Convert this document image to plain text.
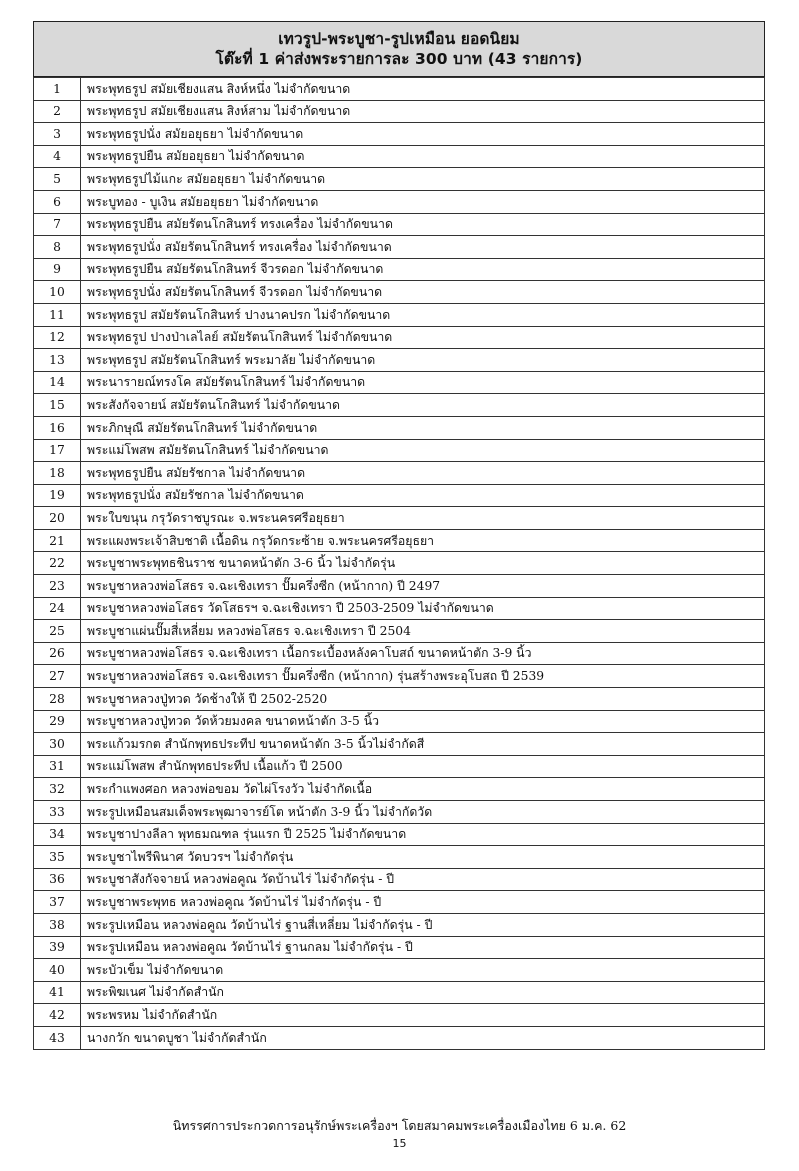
เทวรูป-พระบูชา-รูปเหมือน ยอดนิยม
โต๊ะที่ 1 ค่าส่งพระรายการละ 300 บาท (43 รายการ)
1	พระพุทธรูป สมัยเชียงแสน สิงห์หนึ่ง ไม่จำกัดขนาด
2	พระพุทธรูป สมัยเชียงแสน สิงห์สาม ไม่จำกัดขนาด
3	พระพุทธรูปนั่ง สมัยอยุธยา ไม่จำกัดขนาด
4	พระพุทธรูปยืน สมัยอยุธยา ไม่จำกัดขนาด
5	พระพุทธรูปไม้แกะ สมัยอยุธยา ไม่จำกัดขนาด
6	พระบูทอง - บูเงิน สมัยอยุธยา ไม่จำกัดขนาด
7	พระพุทธรูปยืน สมัยรัตนโกสินทร์ ทรงเครื่อง ไม่จำกัดขนาด
8	พระพุทธรูปนั่ง สมัยรัตนโกสินทร์ ทรงเครื่อง ไม่จำกัดขนาด
9	พระพุทธรูปยืน สมัยรัตนโกสินทร์ จีวรดอก ไม่จำกัดขนาด
10	พระพุทธรูปนั่ง สมัยรัตนโกสินทร์ จีวรดอก ไม่จำกัดขนาด
11	พระพุทธรูป สมัยรัตนโกสินทร์ ปางนาคปรก ไม่จำกัดขนาด
12	พระพุทธรูป ปางป่าเลไลย์ สมัยรัตนโกสินทร์ ไม่จำกัดขนาด
13	พระพุทธรูป สมัยรัตนโกสินทร์ พระมาลัย ไม่จำกัดขนาด
14	พระนารายณ์ทรงโค สมัยรัตนโกสินทร์ ไม่จำกัดขนาด
15	พระสังกัจจายน์ สมัยรัตนโกสินทร์ ไม่จำกัดขนาด
16	พระภิกษุณี สมัยรัตนโกสินทร์ ไม่จำกัดขนาด
17	พระแม่โพสพ สมัยรัตนโกสินทร์ ไม่จำกัดขนาด
18	พระพุทธรูปยืน สมัยรัชกาล ไม่จำกัดขนาด
19	พระพุทธรูปนั่ง สมัยรัชกาล ไม่จำกัดขนาด
20	พระใบขนุน กรุวัดราชบูรณะ จ.พระนครศรีอยุธยา
21	พระแผงพระเจ้าสิบชาติ เนื้อดิน กรุวัดกระซ้าย จ.พระนครศรีอยุธยา
22	พระบูชาพระพุทธชินราช ขนาดหน้าตัก 3-6 นิ้ว ไม่จำกัดรุ่น
23	พระบูชาหลวงพ่อโสธร จ.ฉะเชิงเทรา ปั๊มครึ่งซีก (หน้ากาก) ปี 2497
24	พระบูชาหลวงพ่อโสธร วัดโสธรฯ จ.ฉะเชิงเทรา ปี 2503-2509 ไม่จำกัดขนาด
25	พระบูชาแผ่นปั๊มสี่เหลี่ยม หลวงพ่อโสธร จ.ฉะเชิงเทรา ปี 2504
26	พระบูชาหลวงพ่อโสธร จ.ฉะเชิงเทรา เนื้อกระเบื้องหลังคาโบสถ์ ขนาดหน้าตัก 3-9 นิ้ว
27	พระบูชาหลวงพ่อโสธร จ.ฉะเชิงเทรา ปั๊มครึ่งซีก (หน้ากาก) รุ่นสร้างพระอุโบสถ ปี 2539
28	พระบูชาหลวงปู่ทวด วัดช้างให้ ปี 2502-2520
29	พระบูชาหลวงปู่ทวด วัดห้วยมงคล ขนาดหน้าตัก 3-5 นิ้ว
30	พระแก้วมรกต สำนักพุทธประทีป ขนาดหน้าตัก 3-5 นิ้วไม่จำกัดสี
31	พระแม่โพสพ สำนักพุทธประทีป เนื้อแก้ว ปี 2500
32	พระกำแพงศอก หลวงพ่อขอม วัดไผ่โรงวัว ไม่จำกัดเนื้อ
33	พระรูปเหมือนสมเด็จพระพุฒาจารย์โต หน้าตัก 3-9 นิ้ว ไม่จำกัดวัด
34	พระบูชาปางลีลา พุทธมณฑล รุ่นแรก ปี 2525 ไม่จำกัดขนาด
35	พระบูชาไพรีพินาศ วัดบวรฯ ไม่จำกัดรุ่น
36	พระบูชาสังกัจจายน์ หลวงพ่อคูณ วัดบ้านไร่ ไม่จำกัดรุ่น - ปี
37	พระบูชาพระพุทธ หลวงพ่อคูณ วัดบ้านไร่ ไม่จำกัดรุ่น - ปี
38	พระรูปเหมือน หลวงพ่อคูณ วัดบ้านไร่ ฐานสี่เหลี่ยม ไม่จำกัดรุ่น - ปี
39	พระรูปเหมือน หลวงพ่อคูณ วัดบ้านไร่ ฐานกลม ไม่จำกัดรุ่น - ปี
40	พระบัวเข็ม ไม่จำกัดขนาด
41	พระพิฆเนศ ไม่จำกัดสำนัก
42	พระพรหม ไม่จำกัดสำนัก
43	นางกวัก ขนาดบูชา ไม่จำกัดสำนัก
นิทรรศการประกวดการอนุรักษ์พระเครื่องฯ โดยสมาคมพระเครื่องเมืองไทย 6 ม.ค. 62
15
